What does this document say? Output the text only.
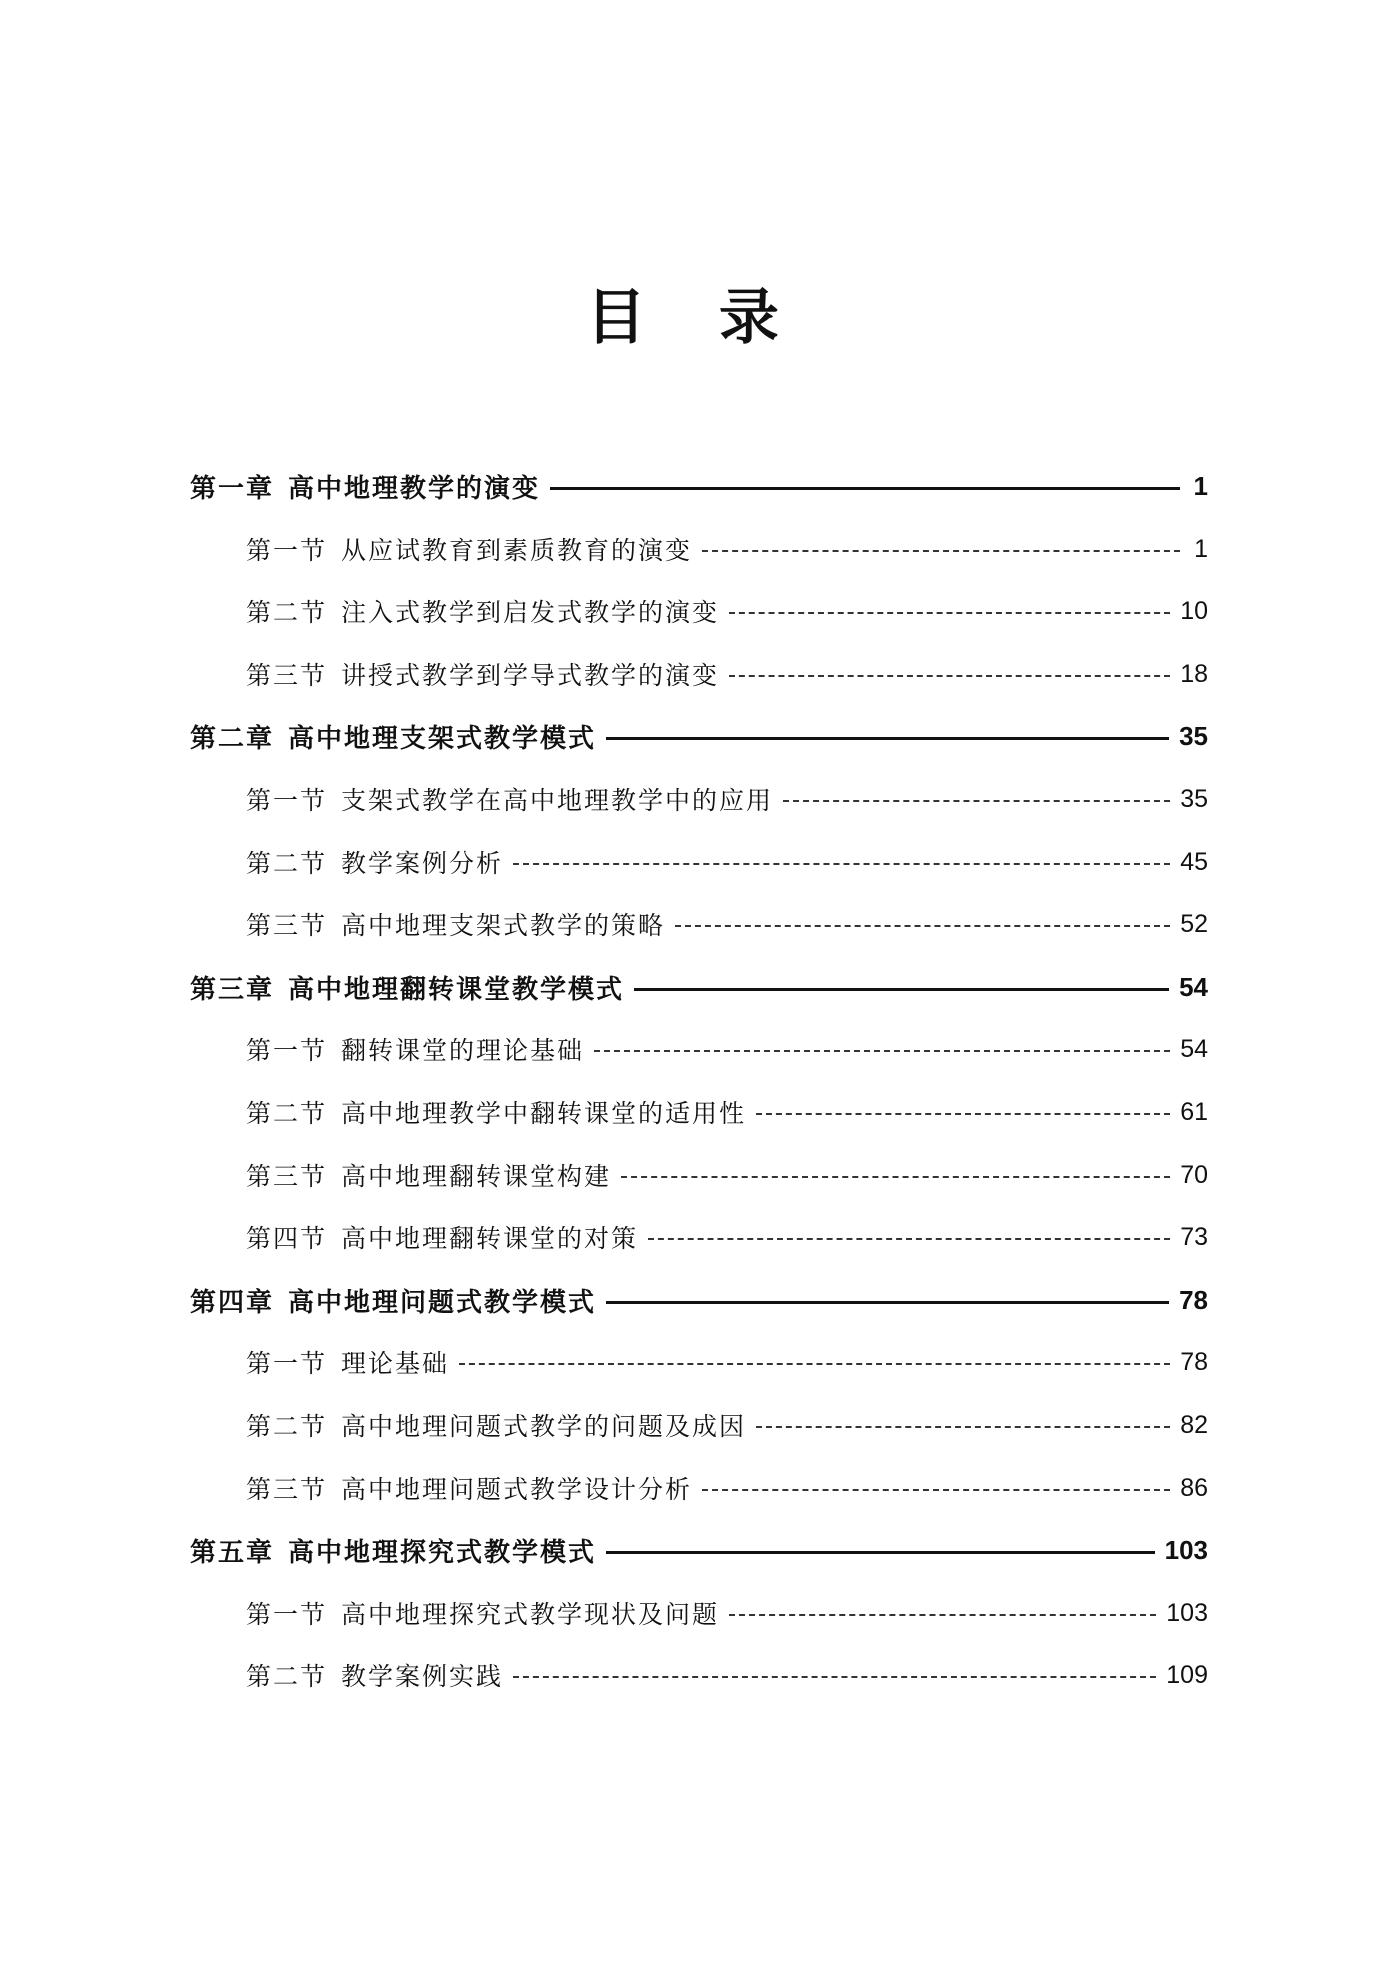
目 录
第一章 高中地理教学的演变	1
第一节 从应试教育到素质教育的演变	1
第二节 注入式教学到启发式教学的演变	10
第三节 讲授式教学到学导式教学的演变	18
第二章 高中地理支架式教学模式	35
第一节 支架式教学在高中地理教学中的应用	35
第二节 教学案例分析	45
第三节 高中地理支架式教学的策略	52
第三章 高中地理翻转课堂教学模式	54
第一节 翻转课堂的理论基础	54
第二节 高中地理教学中翻转课堂的适用性	61
第三节 高中地理翻转课堂构建	70
第四节 高中地理翻转课堂的对策	73
第四章 高中地理问题式教学模式	78
第一节 理论基础	78
第二节 高中地理问题式教学的问题及成因	82
第三节 高中地理问题式教学设计分析	86
第五章 高中地理探究式教学模式	103
第一节 高中地理探究式教学现状及问题	103
第二节 教学案例实践	109
